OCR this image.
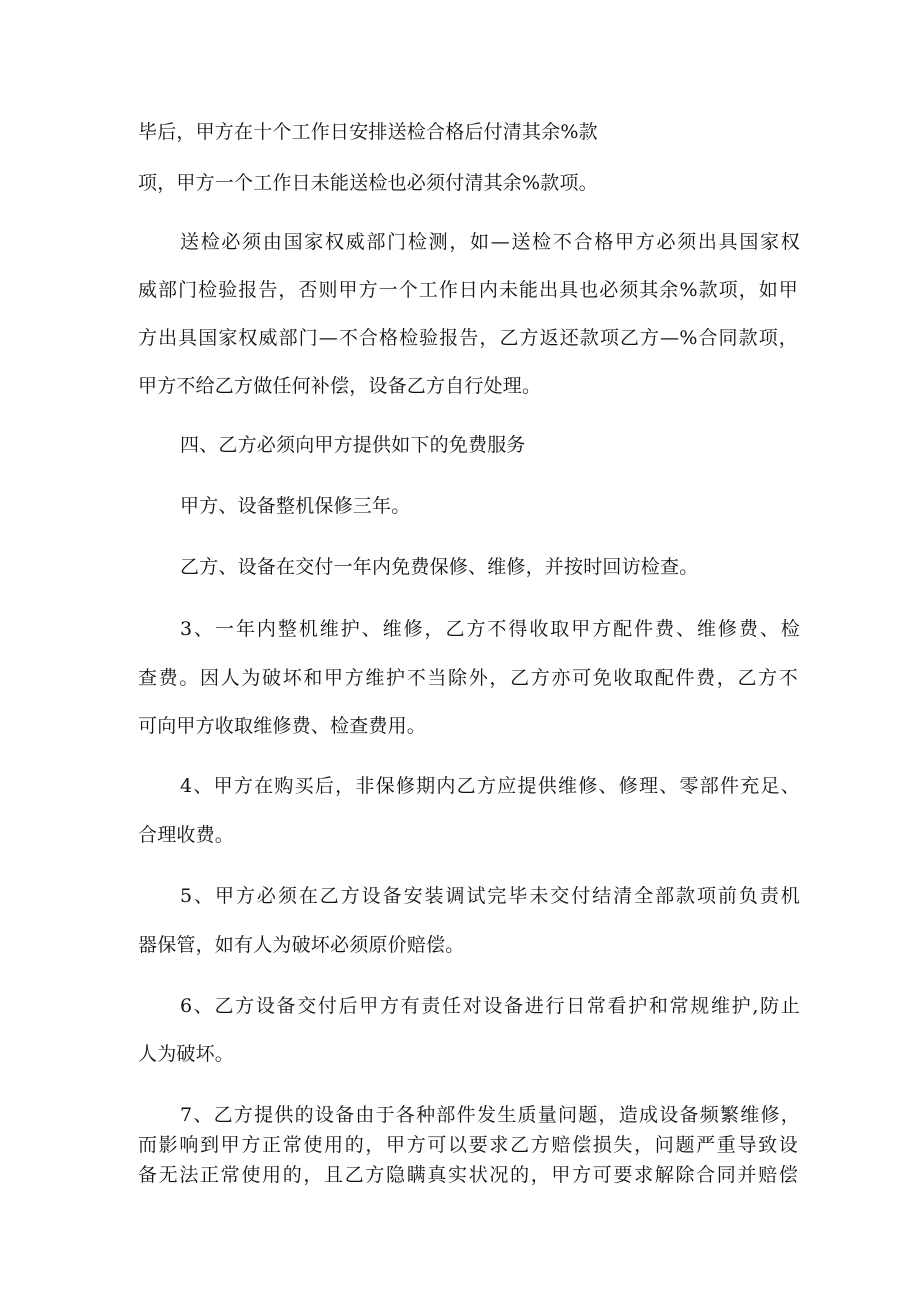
毕后，甲方在十个工作日安排送检合格后付清其余%款
项，甲方一个工作日未能送检也必须付清其余%款项。
送检必须由国家权威部门检测，如—送检不合格甲方必须出具国家权
威部门检验报告，否则甲方一个工作日内未能出具也必须其余%款项，如甲
方出具国家权威部门—不合格检验报告，乙方返还款项乙方—%合同款项，
甲方不给乙方做任何补偿，设备乙方自行处理。
四、乙方必须向甲方提供如下的免费服务
甲方、设备整机保修三年。
乙方、设备在交付一年内免费保修、维修，并按时回访检查。
3、一年内整机维护、维修，乙方不得收取甲方配件费、维修费、检
查费。因人为破坏和甲方维护不当除外，乙方亦可免收取配件费，乙方不
可向甲方收取维修费、检查费用。
4、甲方在购买后，非保修期内乙方应提供维修、修理、零部件充足、
合理收费。
5、甲方必须在乙方设备安装调试完毕未交付结清全部款项前负责机
器保管，如有人为破坏必须原价赔偿。
6、乙方设备交付后甲方有责任对设备进行日常看护和常规维护,防止
人为破坏。
7、乙方提供的设备由于各种部件发生质量问题，造成设备频繁维修，
而影响到甲方正常使用的，甲方可以要求乙方赔偿损失，问题严重导致设
备无法正常使用的，且乙方隐瞒真实状况的，甲方可要求解除合同并赔偿
